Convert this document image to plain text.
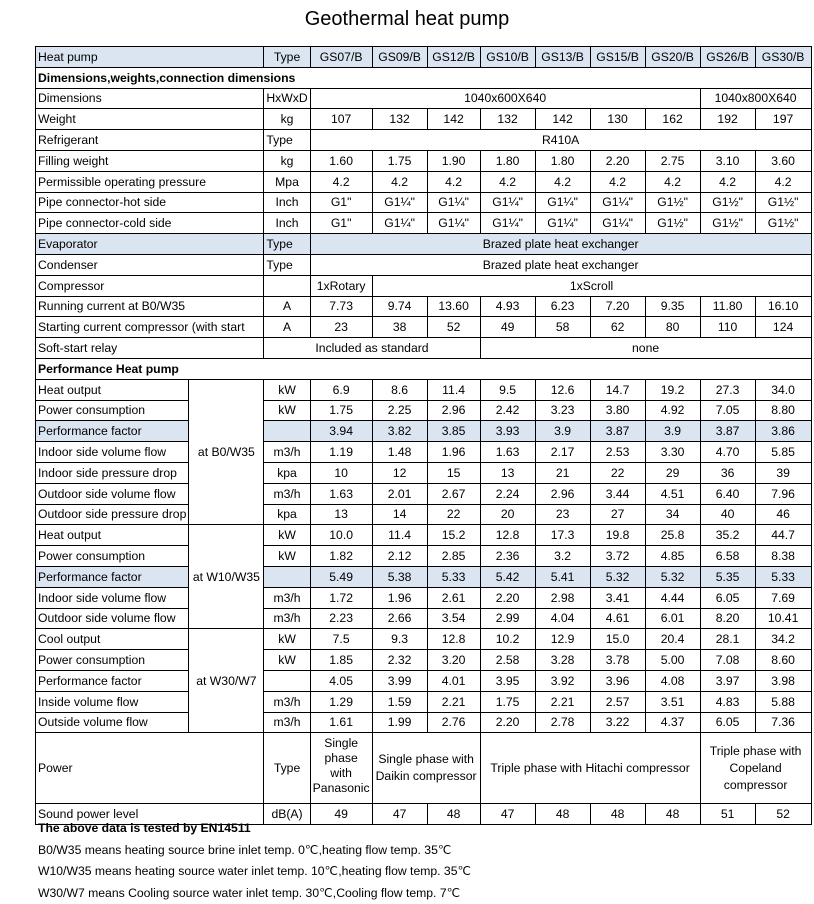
Geothermal heat pump
Heat pump		Type	GS07/B	GS09/B	GS12/B	GS10/B	GS13/B	GS15/B	GS20/B	GS26/B	GS30/B
Dimensions,weights,connection dimensions											
Dimensions		HxWxD	1040x600X640							1040x800X640	
Weight		kg	107	132	142	132	142	130	162	192	197
Refrigerant		Type	R410A								
Filling weight		kg	1.60	1.75	1.90	1.80	1.80	2.20	2.75	3.10	3.60
Permissible operating pressure		Mpa	4.2	4.2	4.2	4.2	4.2	4.2	4.2	4.2	4.2
Pipe connector-hot side		Inch	G1"	G1¼"	G1¼"	G1¼"	G1¼"	G1¼"	G1½"	G1½"	G1½"
Pipe connector-cold side		Inch	G1"	G1¼"	G1¼"	G1¼"	G1¼"	G1¼"	G1½"	G1½"	G1½"
Evaporator		Type	Brazed plate heat exchanger								
Condenser		Type	Brazed plate heat exchanger								
Compressor			1xRotary	1xScroll							
Running current at B0/W35		A	7.73	9.74	13.60	4.93	6.23	7.20	9.35	11.80	16.10
Starting current compressor (with start		A	23	38	52	49	58	62	80	110	124
Soft-start relay		Included as standard				none					
Performance Heat pump											
Heat output	at B0/W35	kW	6.9	8.6	11.4	9.5	12.6	14.7	19.2	27.3	34.0
Power consumption		kW	1.75	2.25	2.96	2.42	3.23	3.80	4.92	7.05	8.80
Performance factor			3.94	3.82	3.85	3.93	3.9	3.87	3.9	3.87	3.86
Indoor side volume flow		m3/h	1.19	1.48	1.96	1.63	2.17	2.53	3.30	4.70	5.85
Indoor side pressure drop		kpa	10	12	15	13	21	22	29	36	39
Outdoor side volume flow		m3/h	1.63	2.01	2.67	2.24	2.96	3.44	4.51	6.40	7.96
Outdoor side pressure drop		kpa	13	14	22	20	23	27	34	40	46
Heat output	at W10/W35	kW	10.0	11.4	15.2	12.8	17.3	19.8	25.8	35.2	44.7
Power consumption		kW	1.82	2.12	2.85	2.36	3.2	3.72	4.85	6.58	8.38
Performance factor			5.49	5.38	5.33	5.42	5.41	5.32	5.32	5.35	5.33
Indoor side volume flow		m3/h	1.72	1.96	2.61	2.20	2.98	3.41	4.44	6.05	7.69
Outdoor side volume flow		m3/h	2.23	2.66	3.54	2.99	4.04	4.61	6.01	8.20	10.41
Cool output	at W30/W7	kW	7.5	9.3	12.8	10.2	12.9	15.0	20.4	28.1	34.2
Power consumption		kW	1.85	2.32	3.20	2.58	3.28	3.78	5.00	7.08	8.60
Performance factor			4.05	3.99	4.01	3.95	3.92	3.96	4.08	3.97	3.98
Inside volume flow		m3/h	1.29	1.59	2.21	1.75	2.21	2.57	3.51	4.83	5.88
Outside volume flow		m3/h	1.61	1.99	2.76	2.20	2.78	3.22	4.37	6.05	7.36
Power		Type	Single phase with Panasonic	Single phase with Daikin compressor		Triple phase with Hitachi compressor				Triple phase with Copeland compressor	
Sound power level		dB(A)	49	47	48	47	48	48	48	51	52
The above data is tested by EN14511
B0/W35 means heating source brine inlet temp. 0℃,heating flow temp. 35℃
W10/W35 means heating source water inlet temp. 10℃,heating flow temp. 35℃
W30/W7 means Cooling source water inlet temp. 30℃,Cooling flow temp. 7℃
